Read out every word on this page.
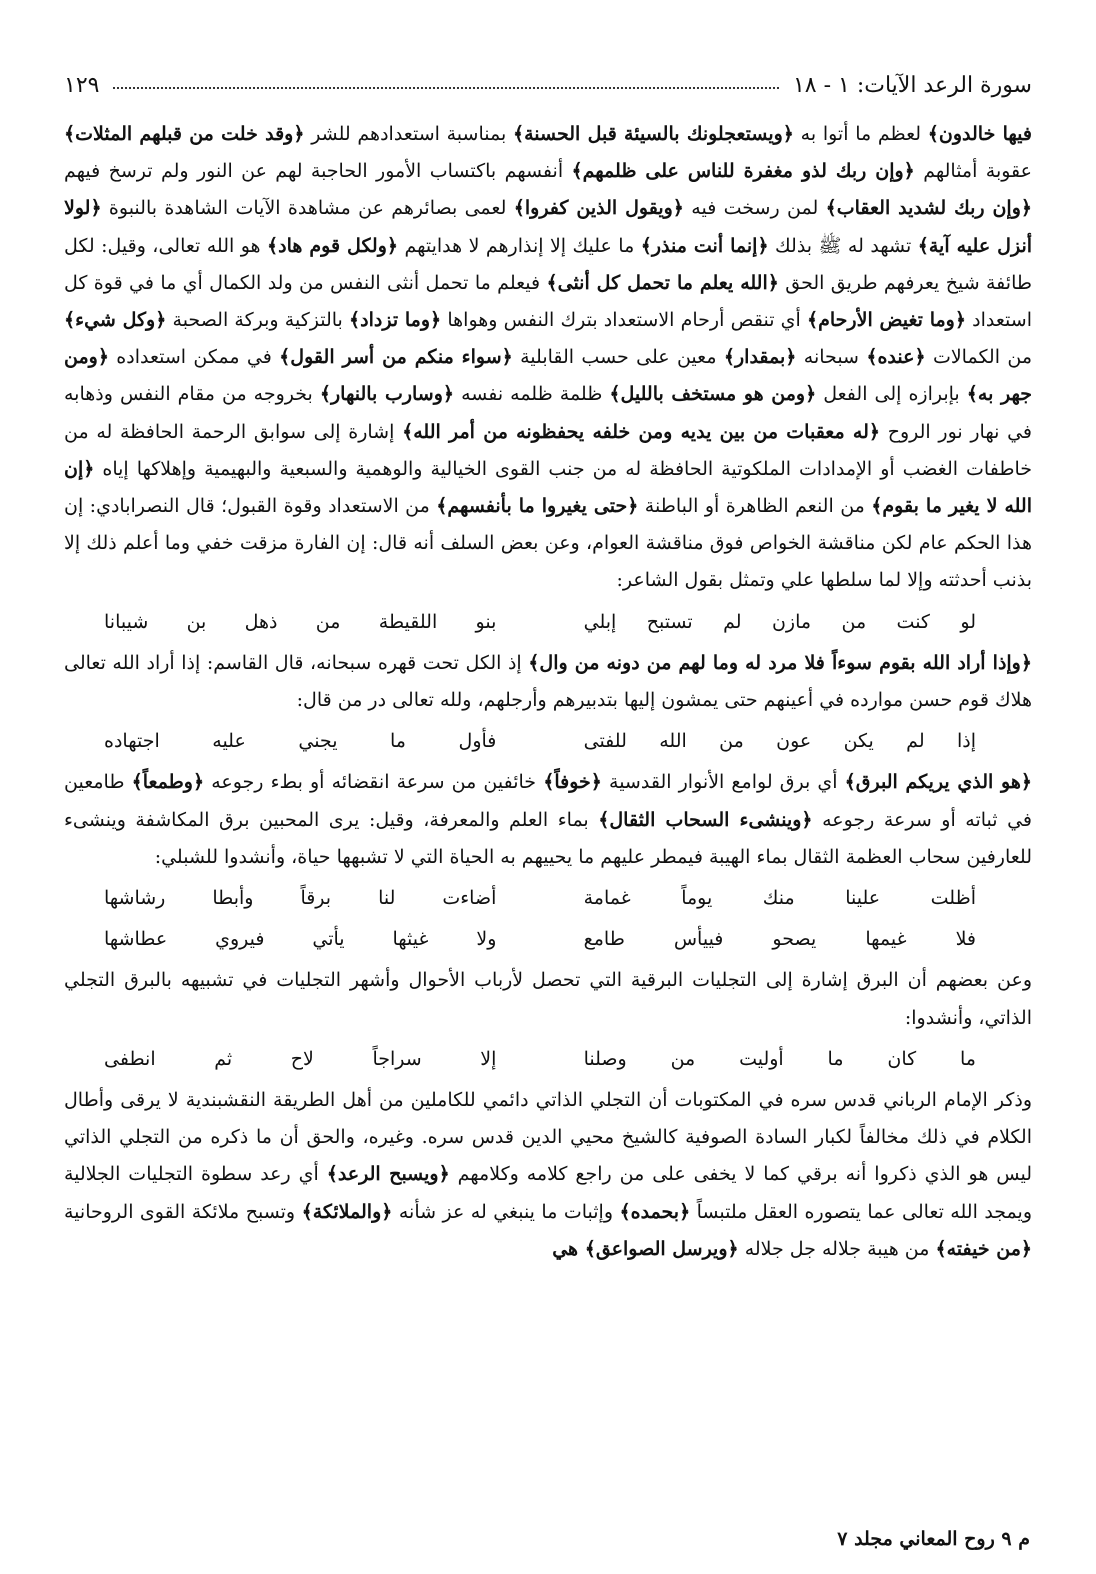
سورة الرعد الآيات: ١ - ١٨
١٢٩

فيها خالدون﴾ لعظم ما أتوا به ﴿ويستعجلونك بالسيئة قبل الحسنة﴾ بمناسبة استعدادهم للشر ﴿وقد خلت من قبلهم المثلات﴾ عقوبة أمثالهم ﴿وإن ربك لذو مغفرة للناس على ظلمهم﴾ أنفسهم باكتساب الأمور الحاجبة لهم عن النور ولم ترسخ فيهم ﴿وإن ربك لشديد العقاب﴾ لمن رسخت فيه ﴿ويقول الذين كفروا﴾ لعمى بصائرهم عن مشاهدة الآيات الشاهدة بالنبوة ﴿لولا أنزل عليه آية﴾ تشهد له ﷺ بذلك ﴿إنما أنت منذر﴾ ما عليك إلا إنذارهم لا هدايتهم ﴿ولكل قوم هاد﴾ هو الله تعالى، وقيل: لكل طائفة شيخ يعرفهم طريق الحق ﴿الله يعلم ما تحمل كل أنثى﴾ فيعلم ما تحمل أنثى النفس من ولد الكمال أي ما في قوة كل استعداد ﴿وما تغيض الأرحام﴾ أي تنقص أرحام الاستعداد بترك النفس وهواها ﴿وما تزداد﴾ بالتزكية وبركة الصحبة ﴿وكل شيء﴾ من الكمالات ﴿عنده﴾ سبحانه ﴿بمقدار﴾ معين على حسب القابلية ﴿سواء منكم من أسر القول﴾ في ممكن استعداده ﴿ومن جهر به﴾ بإبرازه إلى الفعل ﴿ومن هو مستخف بالليل﴾ ظلمة ظلمه نفسه ﴿وسارب بالنهار﴾ بخروجه من مقام النفس وذهابه في نهار نور الروح ﴿له معقبات من بين يديه ومن خلفه يحفظونه من أمر الله﴾ إشارة إلى سوابق الرحمة الحافظة له من خاطفات الغضب أو الإمدادات الملكوتية الحافظة له من جنب القوى الخيالية والوهمية والسبعية والبهيمية وإهلاكها إياه ﴿إن الله لا يغير ما بقوم﴾ من النعم الظاهرة أو الباطنة ﴿حتى يغيروا ما بأنفسهم﴾ من الاستعداد وقوة القبول؛ قال النصرابادي: إن هذا الحكم عام لكن مناقشة الخواص فوق مناقشة العوام، وعن بعض السلف أنه قال: إن الفارة مزقت خفي وما أعلم ذلك إلا بذنب أحدثته وإلا لما سلطها علي وتمثل بقول الشاعر:

لو كنت من مازن لم تستبح إبلي
بنو اللقيطة من ذهل بن شيبانا

﴿وإذا أراد الله بقوم سوءاً فلا مرد له وما لهم من دونه من وال﴾ إذ الكل تحت قهره سبحانه، قال القاسم: إذا أراد الله تعالى هلاك قوم حسن موارده في أعينهم حتى يمشون إليها بتدبيرهم وأرجلهم، ولله تعالى در من قال:

إذا لم يكن عون من الله للفتى
فأول ما يجني عليه اجتهاده

﴿هو الذي يريكم البرق﴾ أي برق لوامع الأنوار القدسية ﴿خوفاً﴾ خائفين من سرعة انقضائه أو بطء رجوعه ﴿وطمعاً﴾ طامعين في ثباته أو سرعة رجوعه ﴿وينشىء السحاب الثقال﴾ بماء العلم والمعرفة، وقيل: يرى المحبين برق المكاشفة وينشىء للعارفين سحاب العظمة الثقال بماء الهيبة فيمطر عليهم ما يحييهم به الحياة التي لا تشبهها حياة، وأنشدوا للشبلي:

أظلت علينا منك يوماً غمامة
أضاءت لنا برقاً وأبطا رشاشها
فلا غيمها يصحو فييأس طامع
ولا غيثها يأتي فيروي عطاشها

وعن بعضهم أن البرق إشارة إلى التجليات البرقية التي تحصل لأرباب الأحوال وأشهر التجليات في تشبيهه بالبرق التجلي الذاتي، وأنشدوا:

ما كان ما أوليت من وصلنا
إلا سراجاً لاح ثم انطفى

وذكر الإمام الرباني قدس سره في المكتوبات أن التجلي الذاتي دائمي للكاملين من أهل الطريقة النقشبندية لا يرقى وأطال الكلام في ذلك مخالفاً لكبار السادة الصوفية كالشيخ محيي الدين قدس سره. وغيره، والحق أن ما ذكره من التجلي الذاتي ليس هو الذي ذكروا أنه برقي كما لا يخفى على من راجع كلامه وكلامهم ﴿ويسبح الرعد﴾ أي رعد سطوة التجليات الجلالية ويمجد الله تعالى عما يتصوره العقل ملتبساً ﴿بحمده﴾ وإثبات ما ينبغي له عز شأنه ﴿والملائكة﴾ وتسبح ملائكة القوى الروحانية ﴿من خيفته﴾ من هيبة جلاله جل جلاله ﴿ويرسل الصواعق﴾ هي

م ٩ روح المعاني مجلد ٧
